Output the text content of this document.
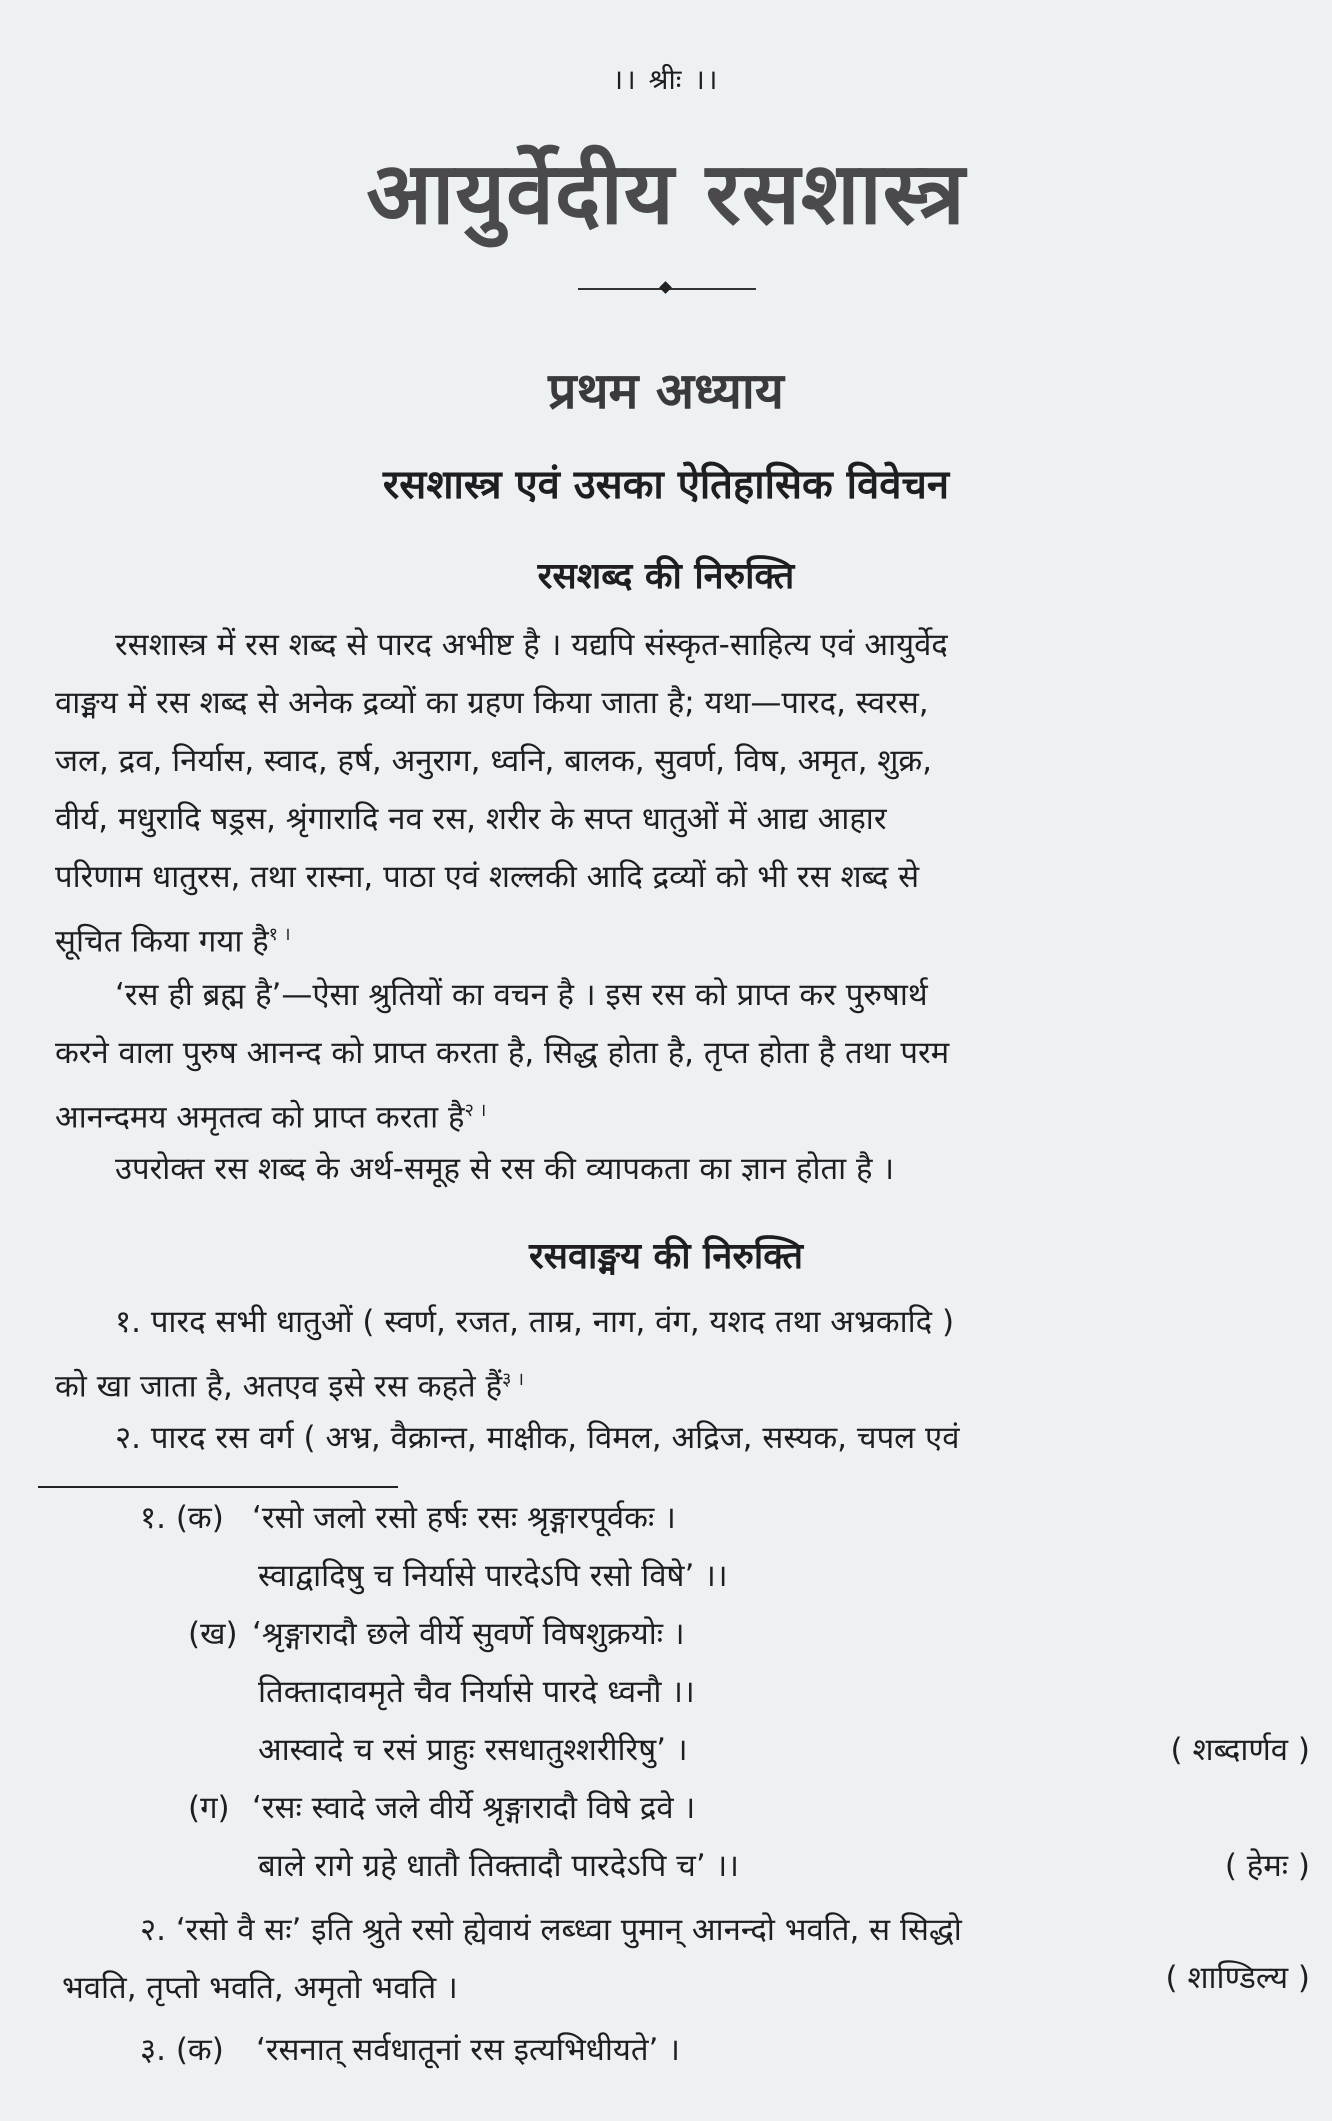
।। श्रीः ।।
आयुर्वेदीय रसशास्त्र
प्रथम अध्याय
रसशास्त्र एवं उसका ऐतिहासिक विवेचन
रसशब्द की निरुक्ति
रसशास्त्र में रस शब्द से पारद अभीष्ट है । यद्यपि संस्कृत-साहित्य एवं आयुर्वेद
वाङ्मय में रस शब्द से अनेक द्रव्यों का ग्रहण किया जाता है; यथा—पारद, स्वरस,
जल, द्रव, निर्यास, स्वाद, हर्ष, अनुराग, ध्वनि, बालक, सुवर्ण, विष, अमृत, शुक्र,
वीर्य, मधुरादि षड्रस, श्रृंगारादि नव रस, शरीर के सप्त धातुओं में आद्य आहार
परिणाम धातुरस, तथा रास्ना, पाठा एवं शल्लकी आदि द्रव्यों को भी रस शब्द से
सूचित किया गया है$^{१ ।}$
‘रस ही ब्रह्म है’—ऐसा श्रुतियों का वचन है । इस रस को प्राप्त कर पुरुषार्थ
करने वाला पुरुष आनन्द को प्राप्त करता है, सिद्ध होता है, तृप्त होता है तथा परम
आनन्दमय अमृतत्व को प्राप्त करता है$^{२ ।}$
उपरोक्त रस शब्द के अर्थ-समूह से रस की व्यापकता का ज्ञान होता है ।
रसवाङ्मय की निरुक्ति
१. पारद सभी धातुओं ( स्वर्ण, रजत, ताम्र, नाग, वंग, यशद तथा अभ्रकादि )
को खा जाता है, अतएव इसे रस कहते हैं$^{३ ।}$
२. पारद रस वर्ग ( अभ्र, वैक्रान्त, माक्षीक, विमल, अद्रिज, सस्यक, चपल एवं
१. (क) ‘रसो जलो रसो हर्षः रसः श्रृङ्गारपूर्वकः ।
स्वाद्वादिषु च निर्यासे पारदेऽपि रसो विषे’ ।।
(ख) ‘श्रृङ्गारादौ छले वीर्ये सुवर्णे विषशुक्रयोः ।
तिक्तादावमृते चैव निर्यासे पारदे ध्वनौ ।।
आस्वादे च रसं प्राहुः रसधातुश्शरीरिषु’ ।	( शब्दार्णव )
(ग) ‘रसः स्वादे जले वीर्ये श्रृङ्गारादौ विषे द्रवे ।
बाले रागे ग्रहे धातौ तिक्तादौ पारदेऽपि च’ ।।	( हेमः )
२. ‘रसो वै सः’ इति श्रुते रसो ह्येवायं लब्ध्वा पुमान् आनन्दो भवति, स सिद्धो
भवति, तृप्तो भवति, अमृतो भवति ।	( शाण्डिल्य )
३. (क) ‘रसनात् सर्वधातूनां रस इत्यभिधीयते’ ।
